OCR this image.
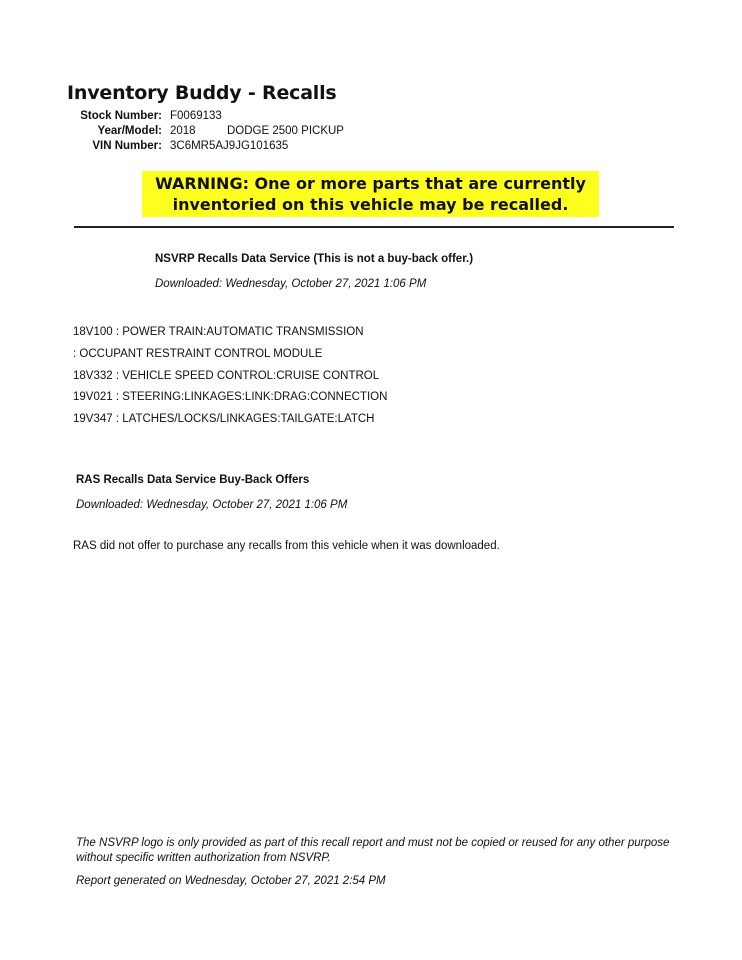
Inventory Buddy - Recalls
Stock Number: F0069133
Year/Model: 2018	DODGE 2500 PICKUP
VIN Number: 3C6MR5AJ9JG101635
WARNING: One or more parts that are currently
inventoried on this vehicle may be recalled.
NSVRP Recalls Data Service (This is not a buy-back offer.)
Downloaded: Wednesday, October 27, 2021 1:06 PM
18V100 : POWER TRAIN:AUTOMATIC TRANSMISSION
: OCCUPANT RESTRAINT CONTROL MODULE
18V332 : VEHICLE SPEED CONTROL:CRUISE CONTROL
19V021 : STEERING:LINKAGES:LINK:DRAG:CONNECTION
19V347 : LATCHES/LOCKS/LINKAGES:TAILGATE:LATCH
RAS Recalls Data Service Buy-Back Offers
Downloaded: Wednesday, October 27, 2021 1:06 PM
RAS did not offer to purchase any recalls from this vehicle when it was downloaded.
The NSVRP logo is only provided as part of this recall report and must not be copied or reused for any other purpose without specific written authorization from NSVRP.
Report generated on Wednesday, October 27, 2021 2:54 PM
